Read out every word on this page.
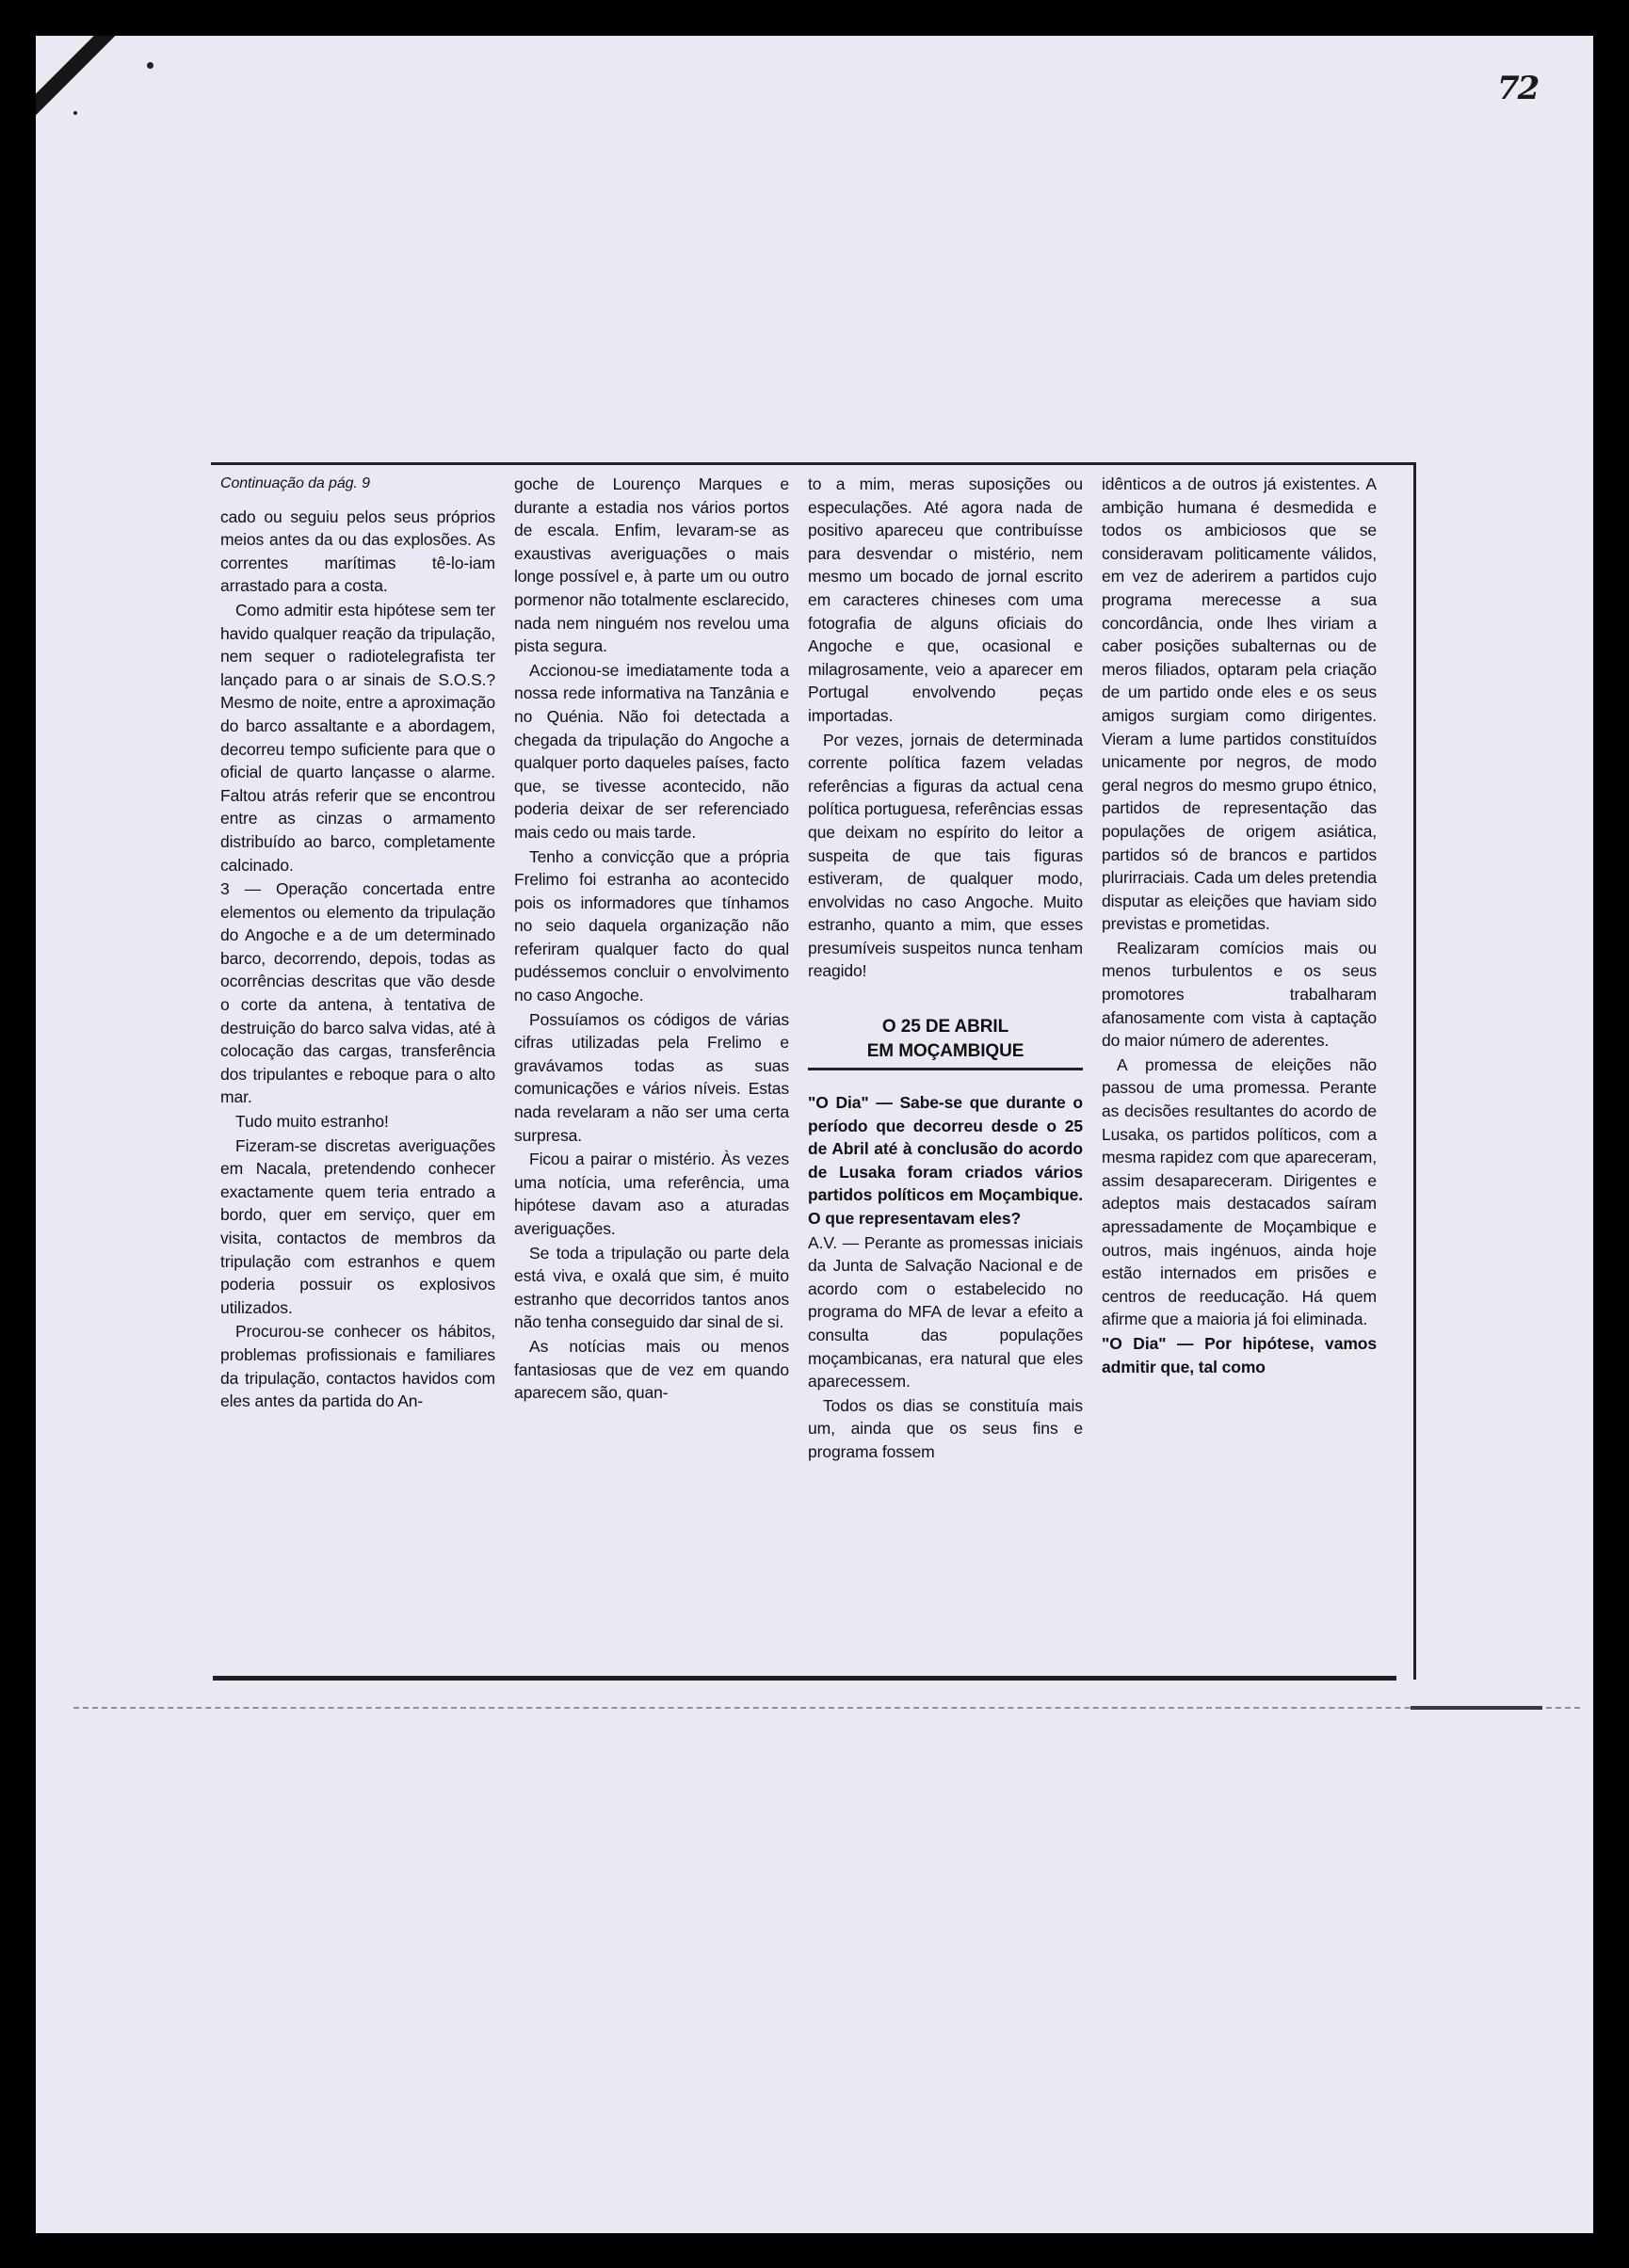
72
Continuação da pág. 9

cado ou seguiu pelos seus próprios meios antes da ou das explosões. As correntes marítimas tê-lo-iam arrastado para a costa.

Como admitir esta hipótese sem ter havido qualquer reação da tripulação, nem sequer o radiotelegrafista ter lançado para o ar sinais de S.O.S.? Mesmo de noite, entre a aproximação do barco assaltante e a abordagem, decorreu tempo suficiente para que o oficial de quarto lançasse o alarme. Faltou atrás referir que se encontrou entre as cinzas o armamento distribuído ao barco, completamente calcinado.

3 — Operação concertada entre elementos ou elemento da tripulação do Angoche e a de um determinado barco, decorrendo, depois, todas as ocorrências descritas que vão desde o corte da antena, à tentativa de destruição do barco salva vidas, até à colocação das cargas, transferência dos tripulantes e reboque para o alto mar.

Tudo muito estranho!

Fizeram-se discretas averiguações em Nacala, pretendendo conhecer exactamente quem teria entrado a bordo, quer em serviço, quer em visita, contactos de membros da tripulação com estranhos e quem poderia possuir os explosivos utilizados.

Procurou-se conhecer os hábitos, problemas profissionais e familiares da tripulação, contactos havidos com eles antes da partida do An-

goche de Lourenço Marques e durante a estadia nos vários portos de escala. Enfim, levaram-se as exaustivas averiguações o mais longe possível e, à parte um ou outro pormenor não totalmente esclarecido, nada nem ninguém nos revelou uma pista segura.

Accionou-se imediatamente toda a nossa rede informativa na Tanzânia e no Quénia. Não foi detectada a chegada da tripulação do Angoche a qualquer porto daqueles países, facto que, se tivesse acontecido, não poderia deixar de ser referenciado mais cedo ou mais tarde.

Tenho a convicção que a própria Frelimo foi estranha ao acontecido pois os informadores que tínhamos no seio daquela organização não referiram qualquer facto do qual pudéssemos concluir o envolvimento no caso Angoche.

Possuíamos os códigos de várias cifras utilizadas pela Frelimo e gravávamos todas as suas comunicações e vários níveis. Estas nada revelaram a não ser uma certa surpresa.

Ficou a pairar o mistério. Às vezes uma notícia, uma referência, uma hipótese davam aso a aturadas averiguações.

Se toda a tripulação ou parte dela está viva, e oxalá que sim, é muito estranho que decorridos tantos anos não tenha conseguido dar sinal de si.

As notícias mais ou menos fantasiosas que de vez em quando aparecem são, quan-

to a mim, meras suposições ou especulações. Até agora nada de positivo apareceu que contribuísse para desvendar o mistério, nem mesmo um bocado de jornal escrito em caracteres chineses com uma fotografia de alguns oficiais do Angoche e que, ocasional e milagrosamente, veio a aparecer em Portugal envolvendo peças importadas.

Por vezes, jornais de determinada corrente política fazem veladas referências a figuras da actual cena política portuguesa, referências essas que deixam no espírito do leitor a suspeita de que tais figuras estiveram, de qualquer modo, envolvidas no caso Angoche. Muito estranho, quanto a mim, que esses presumíveis suspeitos nunca tenham reagido!

O 25 DE ABRIL
EM MOÇAMBIQUE

"O Dia" — Sabe-se que durante o período que decorreu desde o 25 de Abril até à conclusão do acordo de Lusaka foram criados vários partidos políticos em Moçambique. O que representavam eles?

A.V. — Perante as promessas iniciais da Junta de Salvação Nacional e de acordo com o estabelecido no programa do MFA de levar a efeito a consulta das populações moçambicanas, era natural que eles aparecessem.

Todos os dias se constituía mais um, ainda que os seus fins e programa fossem

idênticos a de outros já existentes. A ambição humana é desmedida e todos os ambiciosos que se consideravam politicamente válidos, em vez de aderirem a partidos cujo programa merecesse a sua concordância, onde lhes viriam a caber posições subalternas ou de meros filiados, optaram pela criação de um partido onde eles e os seus amigos surgiam como dirigentes. Vieram a lume partidos constituídos unicamente por negros, de modo geral negros do mesmo grupo étnico, partidos de representação das populações de origem asiática, partidos só de brancos e partidos plurirraciais. Cada um deles pretendia disputar as eleições que haviam sido previstas e prometidas.

Realizaram comícios mais ou menos turbulentos e os seus promotores trabalharam afanosamente com vista à captação do maior número de aderentes.

A promessa de eleições não passou de uma promessa. Perante as decisões resultantes do acordo de Lusaka, os partidos políticos, com a mesma rapidez com que apareceram, assim desapareceram. Dirigentes e adeptos mais destacados saíram apressadamente de Moçambique e outros, mais ingénuos, ainda hoje estão internados em prisões e centros de reeducação. Há quem afirme que a maioria já foi eliminada.

"O Dia" — Por hipótese, vamos admitir que, tal como
